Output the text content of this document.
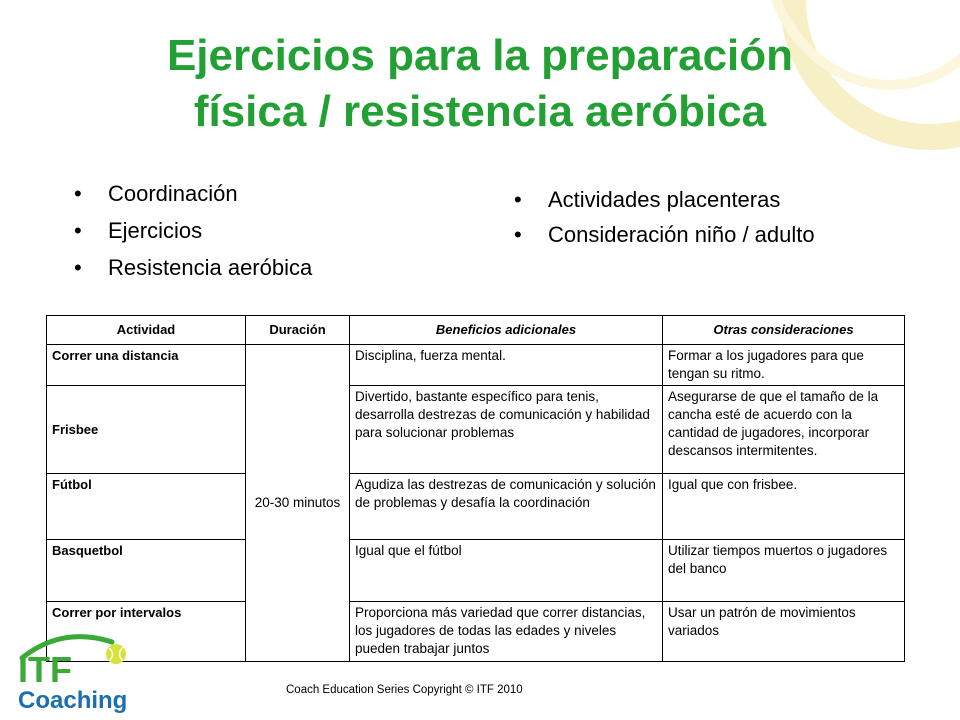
Ejercicios para la preparación
física / resistencia aeróbica
• Coordinación
• Ejercicios
• Resistencia aeróbica
• Actividades placenteras
• Consideración niño / adulto
Actividad	Duración	Beneficios adicionales	Otras consideraciones
Correr una distancia	20-30 minutos	Disciplina, fuerza mental.	Formar a los jugadores para que tengan su ritmo.
Frisbee		Divertido, bastante específico para tenis, desarrolla destrezas de comunicación y habilidad para solucionar problemas	Asegurarse de que el tamaño de la cancha esté de acuerdo con la cantidad de jugadores, incorporar descansos intermitentes.
Fútbol		Agudiza las destrezas de comunicación y solución de problemas y desafía la coordinación	Igual que con frisbee.
Basquetbol		Igual que el fútbol	Utilizar tiempos muertos o jugadores del banco
Correr por intervalos		Proporciona más variedad que correr distancias, los jugadores de todas las edades y niveles pueden trabajar juntos	Usar un patrón de movimientos variados
ITF
Coaching	Coach Education Series Copyright © ITF 2010
